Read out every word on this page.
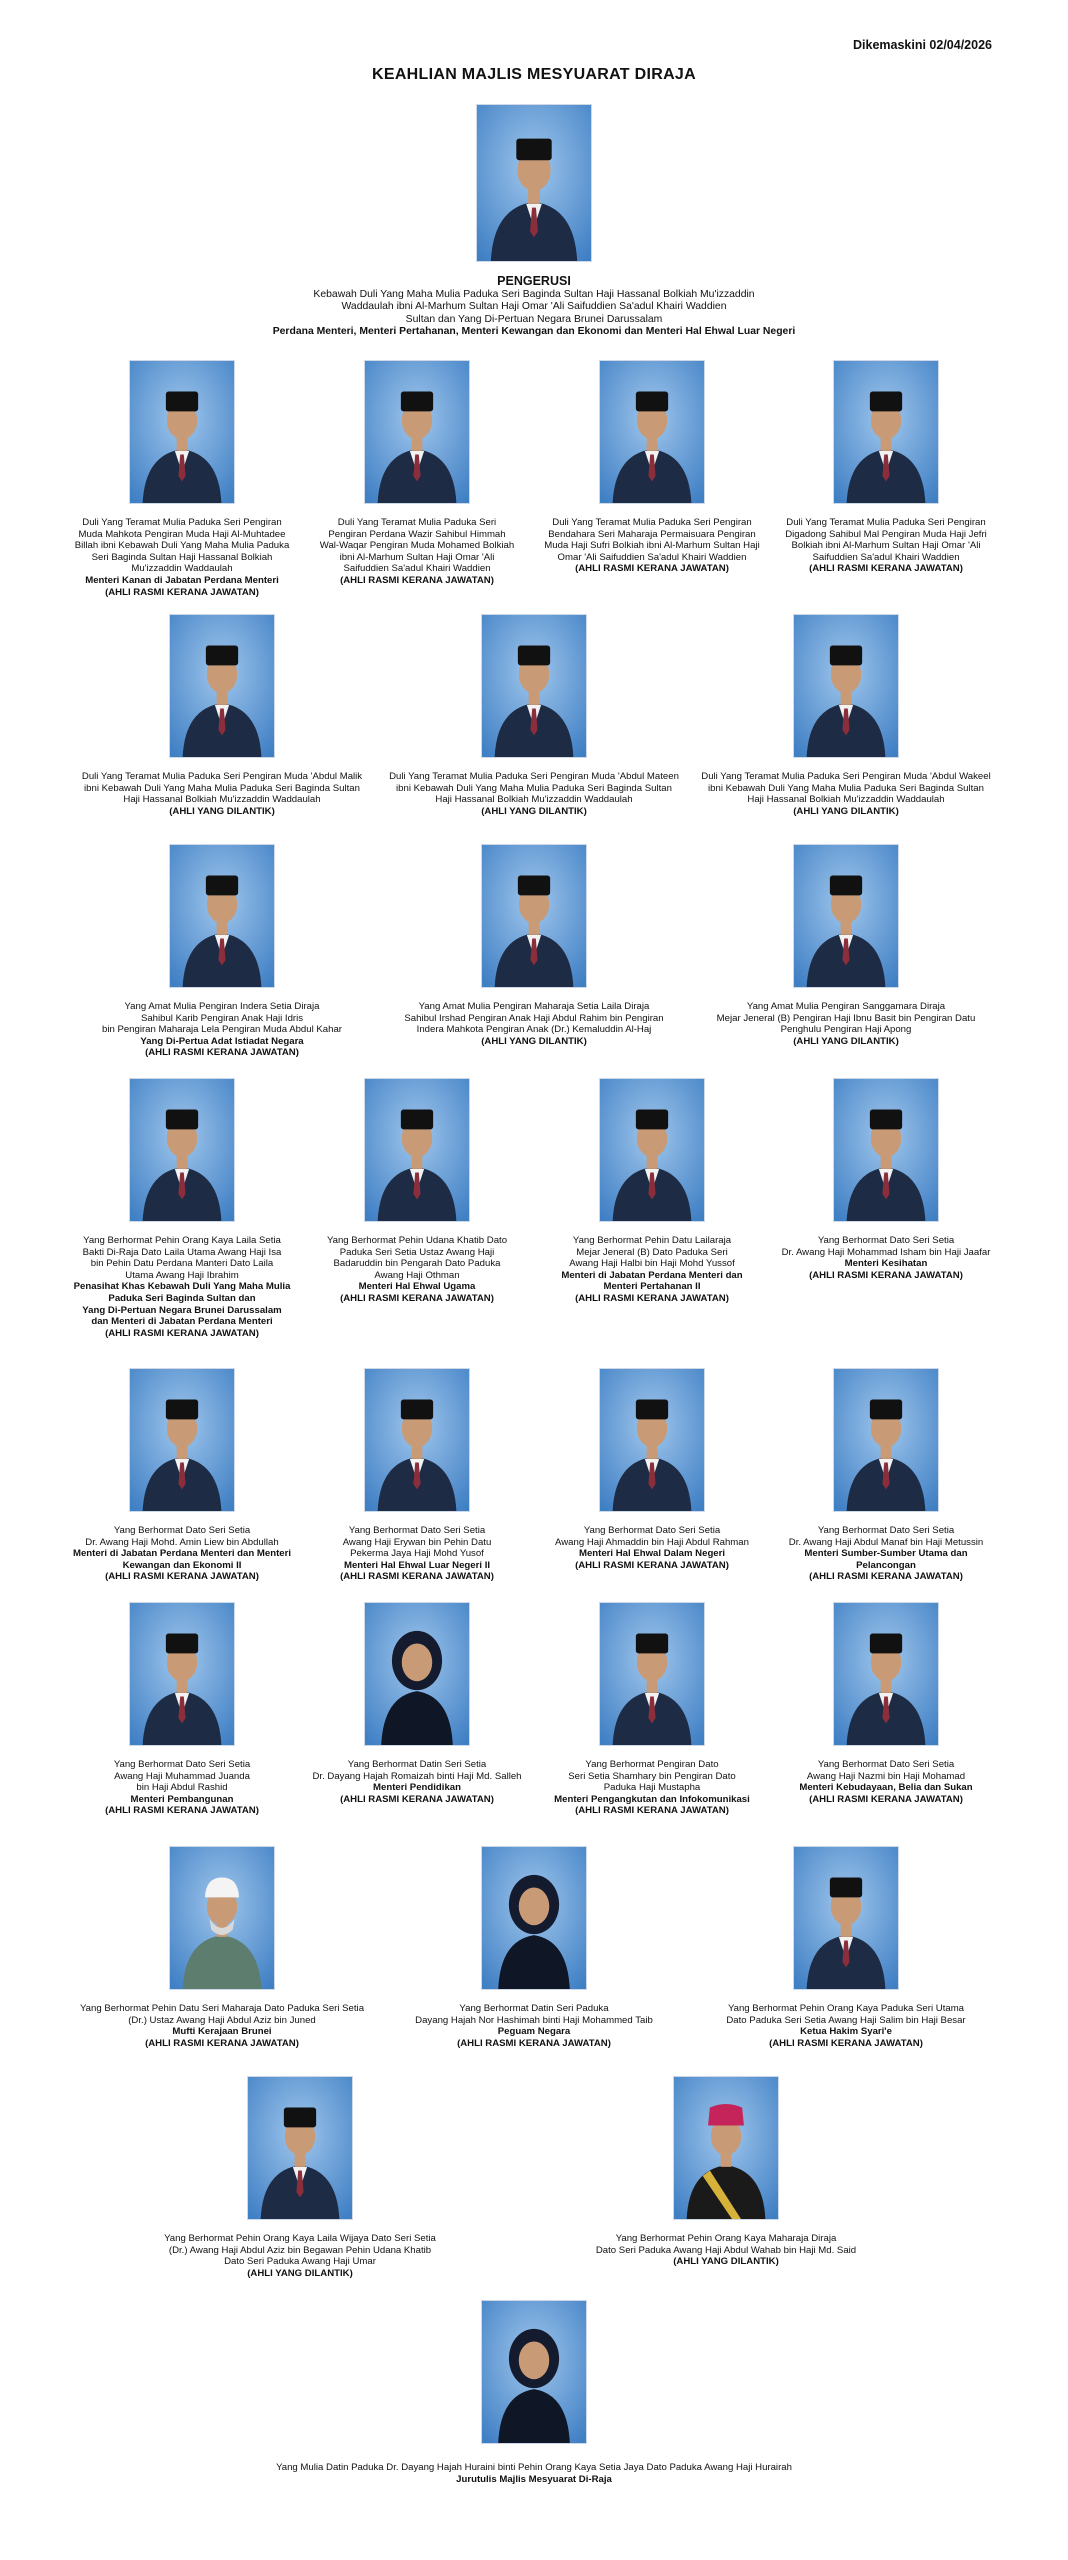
Dikemaskini 02/04/2026
KEAHLIAN MAJLIS MESYUARAT DIRAJA
PENGERUSI
Kebawah Duli Yang Maha Mulia Paduka Seri Baginda Sultan Haji Hassanal Bolkiah Mu'izzaddin
Waddaulah ibni Al-Marhum Sultan Haji Omar 'Ali Saifuddien Sa'adul Khairi Waddien
Sultan dan Yang Di-Pertuan Negara Brunei Darussalam
Perdana Menteri, Menteri Pertahanan, Menteri Kewangan dan Ekonomi dan Menteri Hal Ehwal Luar Negeri
Duli Yang Teramat Mulia Paduka Seri Pengiran
Muda Mahkota Pengiran Muda Haji Al-Muhtadee
Billah ibni Kebawah Duli Yang Maha Mulia Paduka
Seri Baginda Sultan Haji Hassanal Bolkiah
Mu'izzaddin Waddaulah
Menteri Kanan di Jabatan Perdana Menteri
(AHLI RASMI KERANA JAWATAN)
Duli Yang Teramat Mulia Paduka Seri
Pengiran Perdana Wazir Sahibul Himmah
Wal-Waqar Pengiran Muda Mohamed Bolkiah
ibni Al-Marhum Sultan Haji Omar 'Ali
Saifuddien Sa'adul Khairi Waddien
(AHLI RASMI KERANA JAWATAN)
Duli Yang Teramat Mulia Paduka Seri Pengiran
Bendahara Seri Maharaja Permaisuara Pengiran
Muda Haji Sufri Bolkiah ibni Al-Marhum Sultan Haji
Omar 'Ali Saifuddien Sa'adul Khairi Waddien
(AHLI RASMI KERANA JAWATAN)
Duli Yang Teramat Mulia Paduka Seri Pengiran
Digadong Sahibul Mal Pengiran Muda Haji Jefri
Bolkiah ibni Al-Marhum Sultan Haji Omar 'Ali
Saifuddien Sa'adul Khairi Waddien
(AHLI RASMI KERANA JAWATAN)
Duli Yang Teramat Mulia Paduka Seri Pengiran Muda 'Abdul Malik
ibni Kebawah Duli Yang Maha Mulia Paduka Seri Baginda Sultan
Haji Hassanal Bolkiah Mu'izzaddin Waddaulah
(AHLI YANG DILANTIK)
Duli Yang Teramat Mulia Paduka Seri Pengiran Muda 'Abdul Mateen
ibni Kebawah Duli Yang Maha Mulia Paduka Seri Baginda Sultan
Haji Hassanal Bolkiah Mu'izzaddin Waddaulah
(AHLI YANG DILANTIK)
Duli Yang Teramat Mulia Paduka Seri Pengiran Muda 'Abdul Wakeel
ibni Kebawah Duli Yang Maha Mulia Paduka Seri Baginda Sultan
Haji Hassanal Bolkiah Mu'izzaddin Waddaulah
(AHLI YANG DILANTIK)
Yang Amat Mulia Pengiran Indera Setia Diraja
Sahibul Karib Pengiran Anak Haji Idris
bin Pengiran Maharaja Lela Pengiran Muda Abdul Kahar
Yang Di-Pertua Adat Istiadat Negara
(AHLI RASMI KERANA JAWATAN)
Yang Amat Mulia Pengiran Maharaja Setia Laila Diraja
Sahibul Irshad Pengiran Anak Haji Abdul Rahim bin Pengiran
Indera Mahkota Pengiran Anak (Dr.) Kemaluddin Al-Haj
(AHLI YANG DILANTIK)
Yang Amat Mulia Pengiran Sanggamara Diraja
Mejar Jeneral (B) Pengiran Haji Ibnu Basit bin Pengiran Datu
Penghulu Pengiran Haji Apong
(AHLI YANG DILANTIK)
Yang Berhormat Pehin Orang Kaya Laila Setia
Bakti Di-Raja Dato Laila Utama Awang Haji Isa
bin Pehin Datu Perdana Manteri Dato Laila
Utama Awang Haji Ibrahim
Penasihat Khas Kebawah Duli Yang Maha Mulia
Paduka Seri Baginda Sultan dan
Yang Di-Pertuan Negara Brunei Darussalam
dan Menteri di Jabatan Perdana Menteri
(AHLI RASMI KERANA JAWATAN)
Yang Berhormat Pehin Udana Khatib Dato
Paduka Seri Setia Ustaz Awang Haji
Badaruddin bin Pengarah Dato Paduka
Awang Haji Othman
Menteri Hal Ehwal Ugama
(AHLI RASMI KERANA JAWATAN)
Yang Berhormat Pehin Datu Lailaraja
Mejar Jeneral (B) Dato Paduka Seri
Awang Haji Halbi bin Haji Mohd Yussof
Menteri di Jabatan Perdana Menteri dan
Menteri Pertahanan II
(AHLI RASMI KERANA JAWATAN)
Yang Berhormat Dato Seri Setia
Dr. Awang Haji Mohammad Isham bin Haji Jaafar
Menteri Kesihatan
(AHLI RASMI KERANA JAWATAN)
Yang Berhormat Dato Seri Setia
Dr. Awang Haji Mohd. Amin Liew bin Abdullah
Menteri di Jabatan Perdana Menteri dan Menteri
Kewangan dan Ekonomi II
(AHLI RASMI KERANA JAWATAN)
Yang Berhormat Dato Seri Setia
Awang Haji Erywan bin Pehin Datu
Pekerma Jaya Haji Mohd Yusof
Menteri Hal Ehwal Luar Negeri II
(AHLI RASMI KERANA JAWATAN)
Yang Berhormat Dato Seri Setia
Awang Haji Ahmaddin bin Haji Abdul Rahman
Menteri Hal Ehwal Dalam Negeri
(AHLI RASMI KERANA JAWATAN)
Yang Berhormat Dato Seri Setia
Dr. Awang Haji Abdul Manaf bin Haji Metussin
Menteri Sumber-Sumber Utama dan
Pelancongan
(AHLI RASMI KERANA JAWATAN)
Yang Berhormat Dato Seri Setia
Awang Haji Muhammad Juanda
bin Haji Abdul Rashid
Menteri Pembangunan
(AHLI RASMI KERANA JAWATAN)
Yang Berhormat Datin Seri Setia
Dr. Dayang Hajah Romaizah binti Haji Md. Salleh
Menteri Pendidikan
(AHLI RASMI KERANA JAWATAN)
Yang Berhormat Pengiran Dato
Seri Setia Shamhary bin Pengiran Dato
Paduka Haji Mustapha
Menteri Pengangkutan dan Infokomunikasi
(AHLI RASMI KERANA JAWATAN)
Yang Berhormat Dato Seri Setia
Awang Haji Nazmi bin Haji Mohamad
Menteri Kebudayaan, Belia dan Sukan
(AHLI RASMI KERANA JAWATAN)
Yang Berhormat Pehin Datu Seri Maharaja Dato Paduka Seri Setia
(Dr.) Ustaz Awang Haji Abdul Aziz bin Juned
Mufti Kerajaan Brunei
(AHLI RASMI KERANA JAWATAN)
Yang Berhormat Datin Seri Paduka
Dayang Hajah Nor Hashimah binti Haji Mohammed Taib
Peguam Negara
(AHLI RASMI KERANA JAWATAN)
Yang Berhormat Pehin Orang Kaya Paduka Seri Utama
Dato Paduka Seri Setia Awang Haji Salim bin Haji Besar
Ketua Hakim Syari'e
(AHLI RASMI KERANA JAWATAN)
Yang Berhormat Pehin Orang Kaya Laila Wijaya Dato Seri Setia
(Dr.) Awang Haji Abdul Aziz bin Begawan Pehin Udana Khatib
Dato Seri Paduka Awang Haji Umar
(AHLI YANG DILANTIK)
Yang Berhormat Pehin Orang Kaya Maharaja Diraja
Dato Seri Paduka Awang Haji Abdul Wahab bin Haji Md. Said
(AHLI YANG DILANTIK)
Yang Mulia Datin Paduka Dr. Dayang Hajah Huraini binti Pehin Orang Kaya Setia Jaya Dato Paduka Awang Haji Hurairah
Jurutulis Majlis Mesyuarat Di-Raja
